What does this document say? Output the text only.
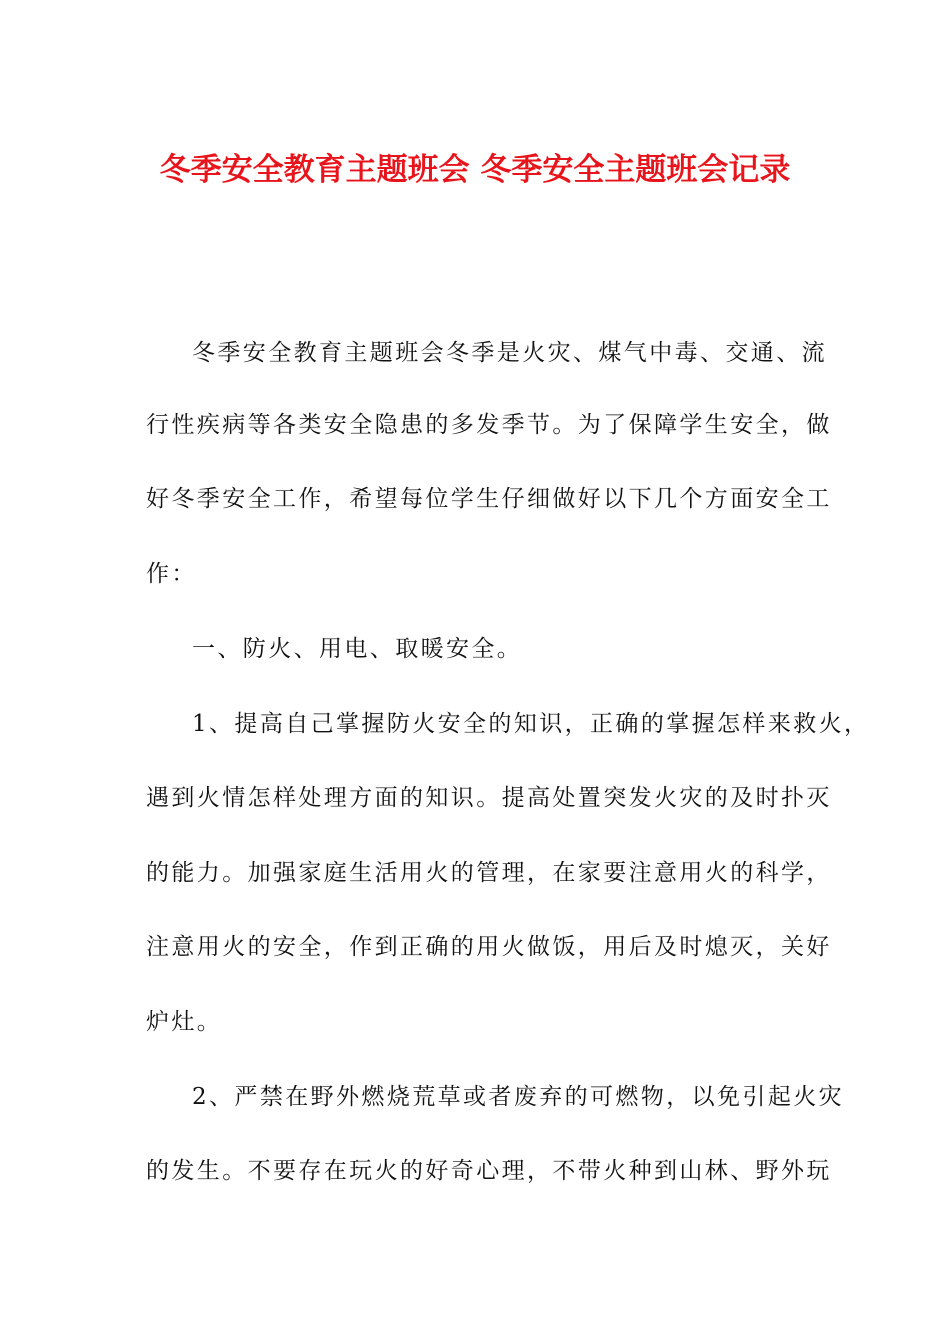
冬季安全教育主题班会 冬季安全主题班会记录

冬季安全教育主题班会冬季是火灾、煤气中毒、交通、流

行性疾病等各类安全隐患的多发季节。为了保障学生安全，做

好冬季安全工作，希望每位学生仔细做好以下几个方面安全工

作：

一、防火、用电、取暖安全。

1、提高自己掌握防火安全的知识，正确的掌握怎样来救火，

遇到火情怎样处理方面的知识。提高处置突发火灾的及时扑灭

的能力。加强家庭生活用火的管理，在家要注意用火的科学，

注意用火的安全，作到正确的用火做饭，用后及时熄灭，关好

炉灶。

2、严禁在野外燃烧荒草或者废弃的可燃物，以免引起火灾

的发生。不要存在玩火的好奇心理，不带火种到山林、野外玩
